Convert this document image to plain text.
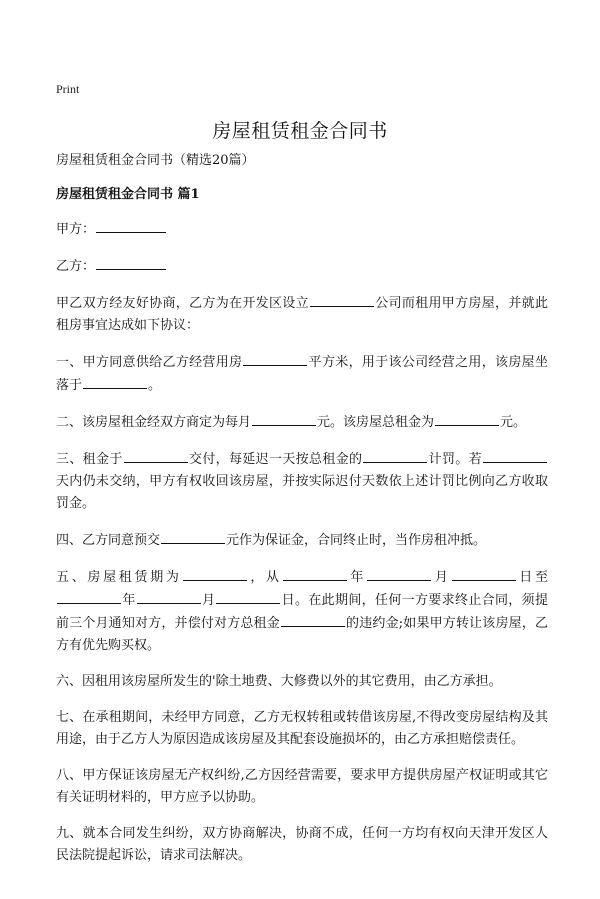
Print
房屋租赁租金合同书

房屋租赁租金合同书（精选20篇）

房屋租赁租金合同书 篇1

甲方：

乙方：

甲乙双方经友好协商，乙方为在开发区设立	公司而租用甲方房屋，并就此租房事宜达成如下协议：

一、甲方同意供给乙方经营用房	平方米，用于该公司经营之用，该房屋坐落于	。

二、该房屋租金经双方商定为每月	元。该房屋总租金为	元。

三、租金于	交付，每延迟一天按总租金的	计罚。若天内仍未交纳，甲方有权收回该房屋，并按实际迟付天数依上述计罚比例向乙方收取罚金。

四、乙方同意预交	元作为保证金，合同终止时，当作房租冲抵。

五、房屋租赁期为	，从	年	月	日至年	月	日。在此期间，任何一方要求终止合同，须提前三个月通知对方，并偿付对方总租金	的违约金;如果甲方转让该房屋，乙方有优先购买权。

六、因租用该房屋所发生的'除土地费、大修费以外的其它费用，由乙方承担。

七、在承租期间，未经甲方同意，乙方无权转租或转借该房屋,不得改变房屋结构及其用途，由于乙方人为原因造成该房屋及其配套设施损坏的，由乙方承担赔偿责任。

八、甲方保证该房屋无产权纠纷,乙方因经营需要，要求甲方提供房屋产权证明或其它有关证明材料的，甲方应予以协助。

九、就本合同发生纠纷，双方协商解决，协商不成，任何一方均有权向天津开发区人民法院提起诉讼，请求司法解决。
